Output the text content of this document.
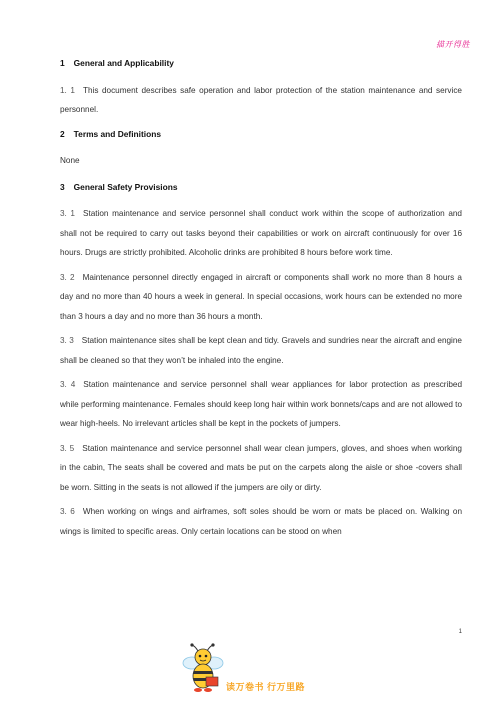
描开得胜
1 General and Applicability

1. 1 This document describes safe operation and labor protection of the station maintenance and service personnel.

2 Terms and Definitions

None

3 General Safety Provisions

3. 1 Station maintenance and service personnel shall conduct work within the scope of authorization and shall not be required to carry out tasks beyond their capabilities or work on aircraft continuously for over 16 hours. Drugs are strictly prohibited. Alcoholic drinks are prohibited 8 hours before work time.

3. 2 Maintenance personnel directly engaged in aircraft or components shall work no more than 8 hours a day and no more than 40 hours a week in general. In special occasions, work hours can be extended no more than 3 hours a day and no more than 36 hours a month.

3. 3 Station maintenance sites shall be kept clean and tidy. Gravels and sundries near the aircraft and engine shall be cleaned so that they won’t be inhaled into the engine.

3. 4 Station maintenance and service personnel shall wear appliances for labor protection as prescribed while performing maintenance. Females should keep long hair within work bonnets/caps and are not allowed to wear high-heels. No irrelevant articles shall be kept in the pockets of jumpers.

3. 5 Station maintenance and service personnel shall wear clean jumpers, gloves, and shoes when working in the cabin, The seats shall be covered and mats be put on the carpets along the aisle or shoe -covers shall be worn. Sitting in the seats is not allowed if the jumpers are oily or dirty.

3. 6 When working on wings and airframes, soft soles should be worn or mats be placed on. Walking on wings is limited to specific areas. Only certain locations can be stood on when

1
读万卷书 行万里路
